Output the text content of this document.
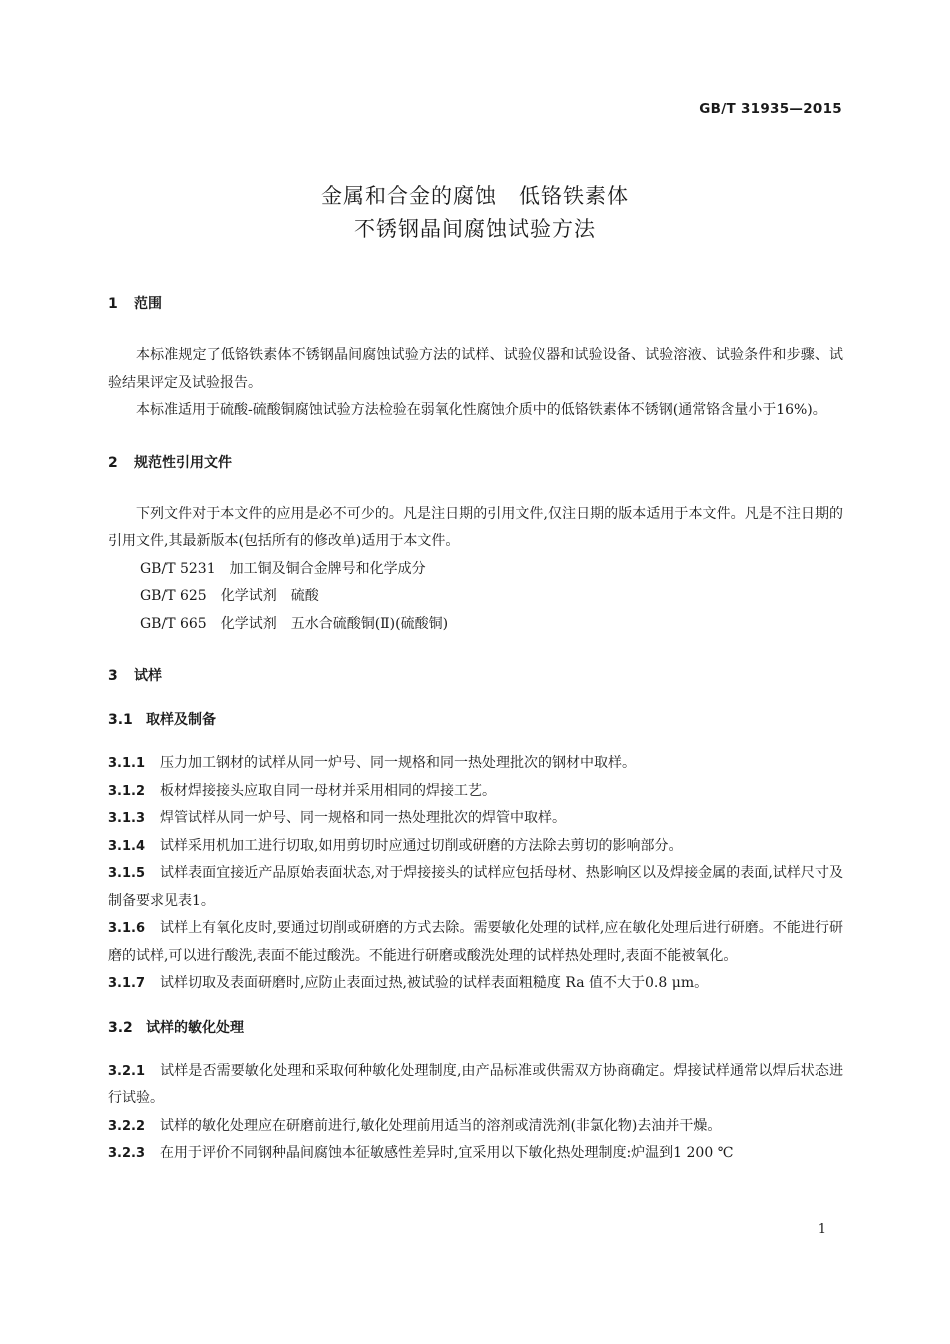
GB/T 31935—2015
金属和合金的腐蚀　低铬铁素体
不锈钢晶间腐蚀试验方法
1 范围

本标准规定了低铬铁素体不锈钢晶间腐蚀试验方法的试样、试验仪器和试验设备、试验溶液、试验条件和步骤、试验结果评定及试验报告。

本标准适用于硫酸-硫酸铜腐蚀试验方法检验在弱氧化性腐蚀介质中的低铬铁素体不锈钢(通常铬含量小于16%)。

2 规范性引用文件

下列文件对于本文件的应用是必不可少的。凡是注日期的引用文件,仅注日期的版本适用于本文件。凡是不注日期的引用文件,其最新版本(包括所有的修改单)适用于本文件。

GB/T 5231　加工铜及铜合金牌号和化学成分

GB/T 625　化学试剂　硫酸

GB/T 665　化学试剂　五水合硫酸铜(Ⅱ)(硫酸铜)

3 试样
3.1 取样及制备

3.1.1 压力加工钢材的试样从同一炉号、同一规格和同一热处理批次的钢材中取样。

3.1.2 板材焊接接头应取自同一母材并采用相同的焊接工艺。

3.1.3 焊管试样从同一炉号、同一规格和同一热处理批次的焊管中取样。

3.1.4 试样采用机加工进行切取,如用剪切时应通过切削或研磨的方法除去剪切的影响部分。

3.1.5 试样表面宜接近产品原始表面状态,对于焊接接头的试样应包括母材、热影响区以及焊接金属的表面,试样尺寸及制备要求见表1。

3.1.6 试样上有氧化皮时,要通过切削或研磨的方式去除。需要敏化处理的试样,应在敏化处理后进行研磨。不能进行研磨的试样,可以进行酸洗,表面不能过酸洗。不能进行研磨或酸洗处理的试样热处理时,表面不能被氧化。

3.1.7 试样切取及表面研磨时,应防止表面过热,被试验的试样表面粗糙度 Ra 值不大于0.8 μm。

3.2 试样的敏化处理

3.2.1 试样是否需要敏化处理和采取何种敏化处理制度,由产品标准或供需双方协商确定。焊接试样通常以焊后状态进行试验。

3.2.2 试样的敏化处理应在研磨前进行,敏化处理前用适当的溶剂或清洗剂(非氯化物)去油并干燥。

3.2.3 在用于评价不同钢种晶间腐蚀本征敏感性差异时,宜采用以下敏化热处理制度:炉温到1 200 ℃

1
